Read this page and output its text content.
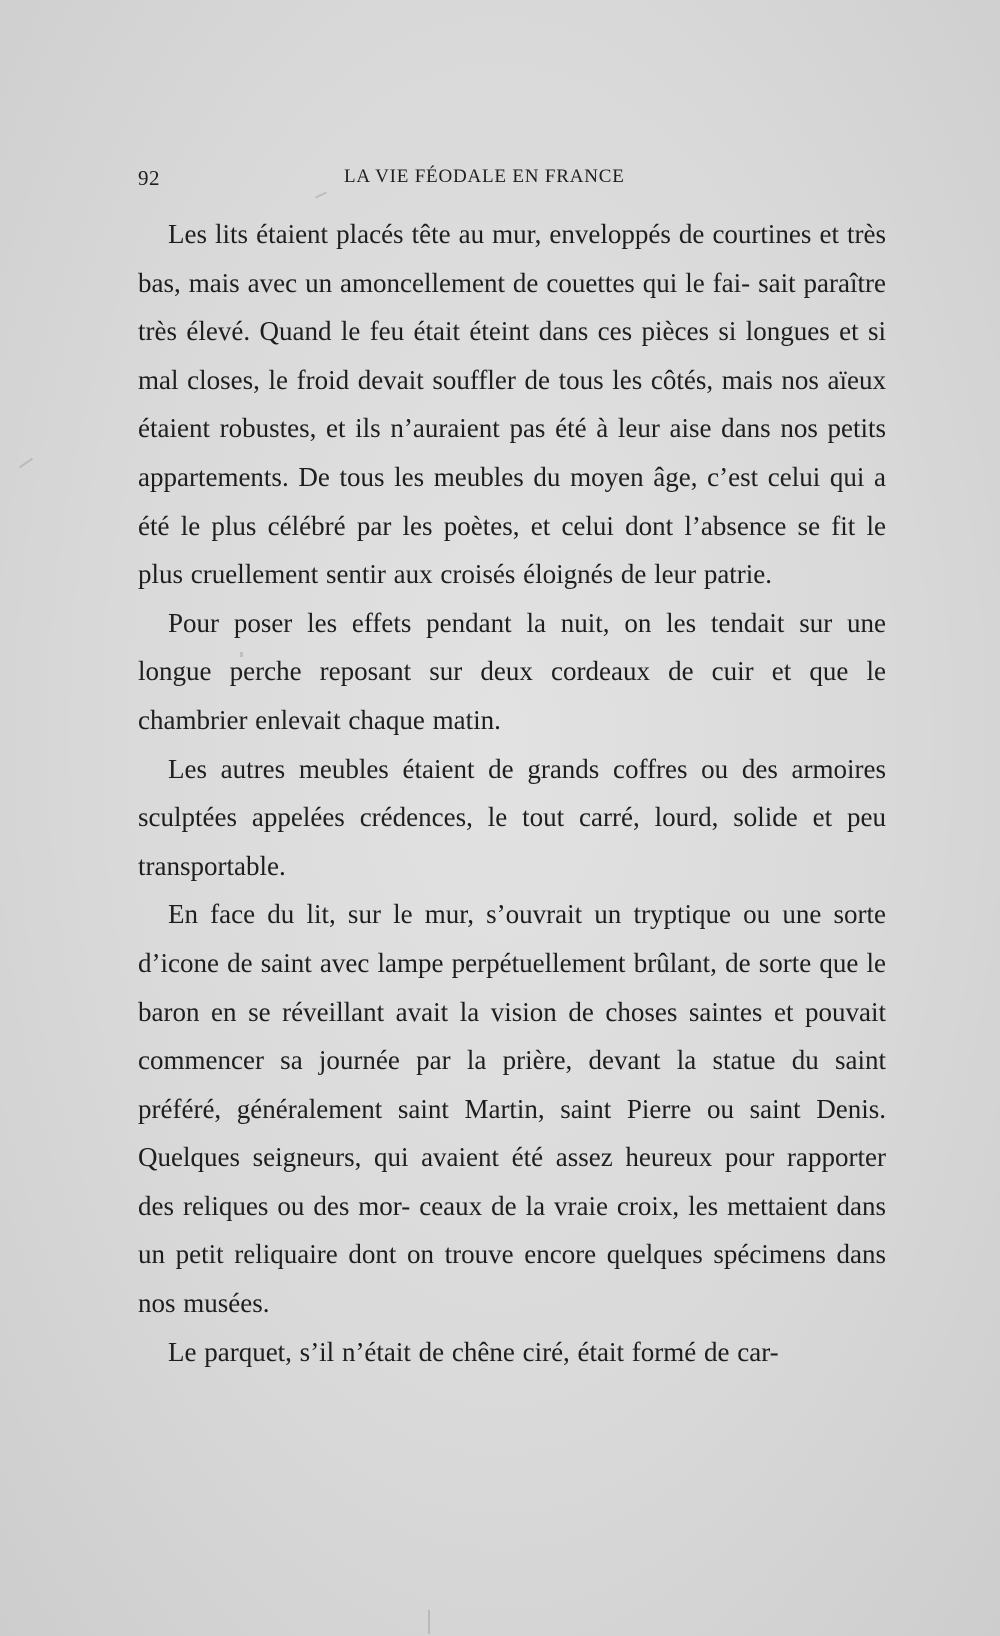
92	LA VIE FÉODALE EN FRANCE

Les lits étaient placés tête au mur, enveloppés de courtines et très bas, mais avec un amoncellement de couettes qui le fai- sait paraître très élevé. Quand le feu était éteint dans ces pièces si longues et si mal closes, le froid devait souffler de tous les côtés, mais nos aïeux étaient robustes, et ils n’auraient pas été à leur aise dans nos petits appartements. De tous les meubles du moyen âge, c’est celui qui a été le plus célébré par les poètes, et celui dont l’absence se fit le plus cruellement sentir aux croisés éloignés de leur patrie.

Pour poser les effets pendant la nuit, on les tendait sur une longue perche reposant sur deux cordeaux de cuir et que le chambrier enlevait chaque matin.

Les autres meubles étaient de grands coffres ou des armoires sculptées appelées crédences, le tout carré, lourd, solide et peu transportable.

En face du lit, sur le mur, s’ouvrait un tryptique ou une sorte d’icone de saint avec lampe perpétuellement brûlant, de sorte que le baron en se réveillant avait la vision de choses saintes et pouvait commencer sa journée par la prière, devant la statue du saint préféré, généralement saint Martin, saint Pierre ou saint Denis. Quelques seigneurs, qui avaient été assez heureux pour rapporter des reliques ou des mor- ceaux de la vraie croix, les mettaient dans un petit reliquaire dont on trouve encore quelques spécimens dans nos musées.

Le parquet, s’il n’était de chêne ciré, était formé de car-
